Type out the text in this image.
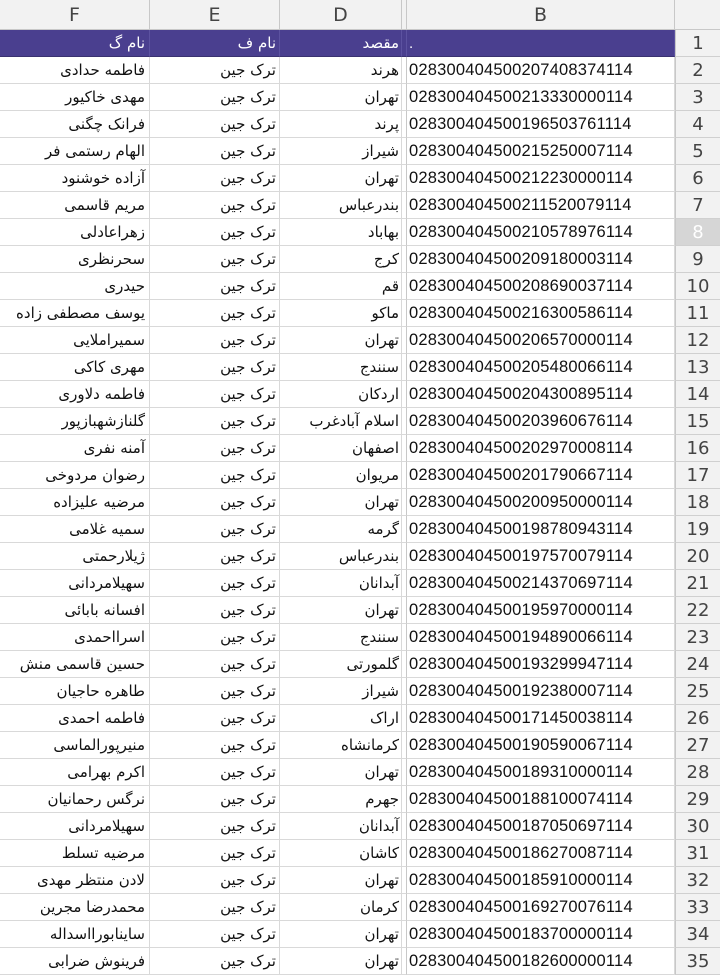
F	E	D	B
نام گ	نام ف	مقصد .	1
فاطمه حدادی	ترک جین	هرند 02830040450020740837411 4	2
مهدی خاکیور	ترک جین	تهران 02830040450021333000011 4	3
فرانک چگنی	ترک جین	پرند 02830040450019650376111 4	4
الهام رستمی فر	ترک جین	شیراز 02830040450021525000711 4	5
آزاده خوشنود	ترک جین	تهران 02830040450021223000011 4	6
مریم قاسمی	ترک جین	بندرعباس 02830040450021152007911 4	7
زهراعادلی	ترک جین	بهاباد 02830040450021057897611 4	8
سحرنظری	ترک جین	کرج 02830040450020918000311 4	9
حیدری	ترک جین	قم 02830040450020869003711 4	10
یوسف مصطفی زاده	ترک جین	ماکو 02830040450021630058611 4	11
سمیراملایی	ترک جین	تهران 02830040450020657000011 4	12
مهری کاکی	ترک جین	سنندج 02830040450020548006611 4	13
فاطمه دلاوری	ترک جین	اردکان 02830040450020430089511 4	14
گلنازشهبازپور	ترک جین	اسلام آبادغرب 02830040450020396067611 4	15
آمنه نفری	ترک جین	اصفهان 02830040450020297000811 4	16
رضوان مردوخی	ترک جین	مریوان 02830040450020179066711 4	17
مرضیه علیزاده	ترک جین	تهران 02830040450020095000011 4	18
سمیه غلامی	ترک جین	گرمه 02830040450019878094311 4	19
ژیلارحمتی	ترک جین	بندرعباس 02830040450019757007911 4	20
سهیلامردانی	ترک جین	آبدانان 02830040450021437069711 4	21
افسانه بابائی	ترک جین	تهران 02830040450019597000011 4	22
اسرااحمدی	ترک جین	سنندج 02830040450019489006611 4	23
حسین قاسمی منش	ترک جین	گلمورتی 02830040450019329994711 4	24
طاهره حاجیان	ترک جین	شیراز 02830040450019238000711 4	25
فاطمه احمدی	ترک جین	اراک 02830040450017145003811 4	26
منیرپورالماسی	ترک جین	کرمانشاه 02830040450019059006711 4	27
اکرم بهرامی	ترک جین	تهران 02830040450018931000011 4	28
نرگس رحمانیان	ترک جین	جهرم 02830040450018810007411 4	29
سهیلامردانی	ترک جین	آبدانان 02830040450018705069711 4	30
مرضیه تسلط	ترک جین	کاشان 02830040450018627008711 4	31
لادن منتظر مهدی	ترک جین	تهران 02830040450018591000011 4	32
محمدرضا مجرین	ترک جین	کرمان 02830040450016927007611 4	33
ساینابورااسداله	ترک جین	تهران 02830040450018370000011 4	34
فرینوش ضرابی	ترک جین	تهران 02830040450018260000011 4	35
